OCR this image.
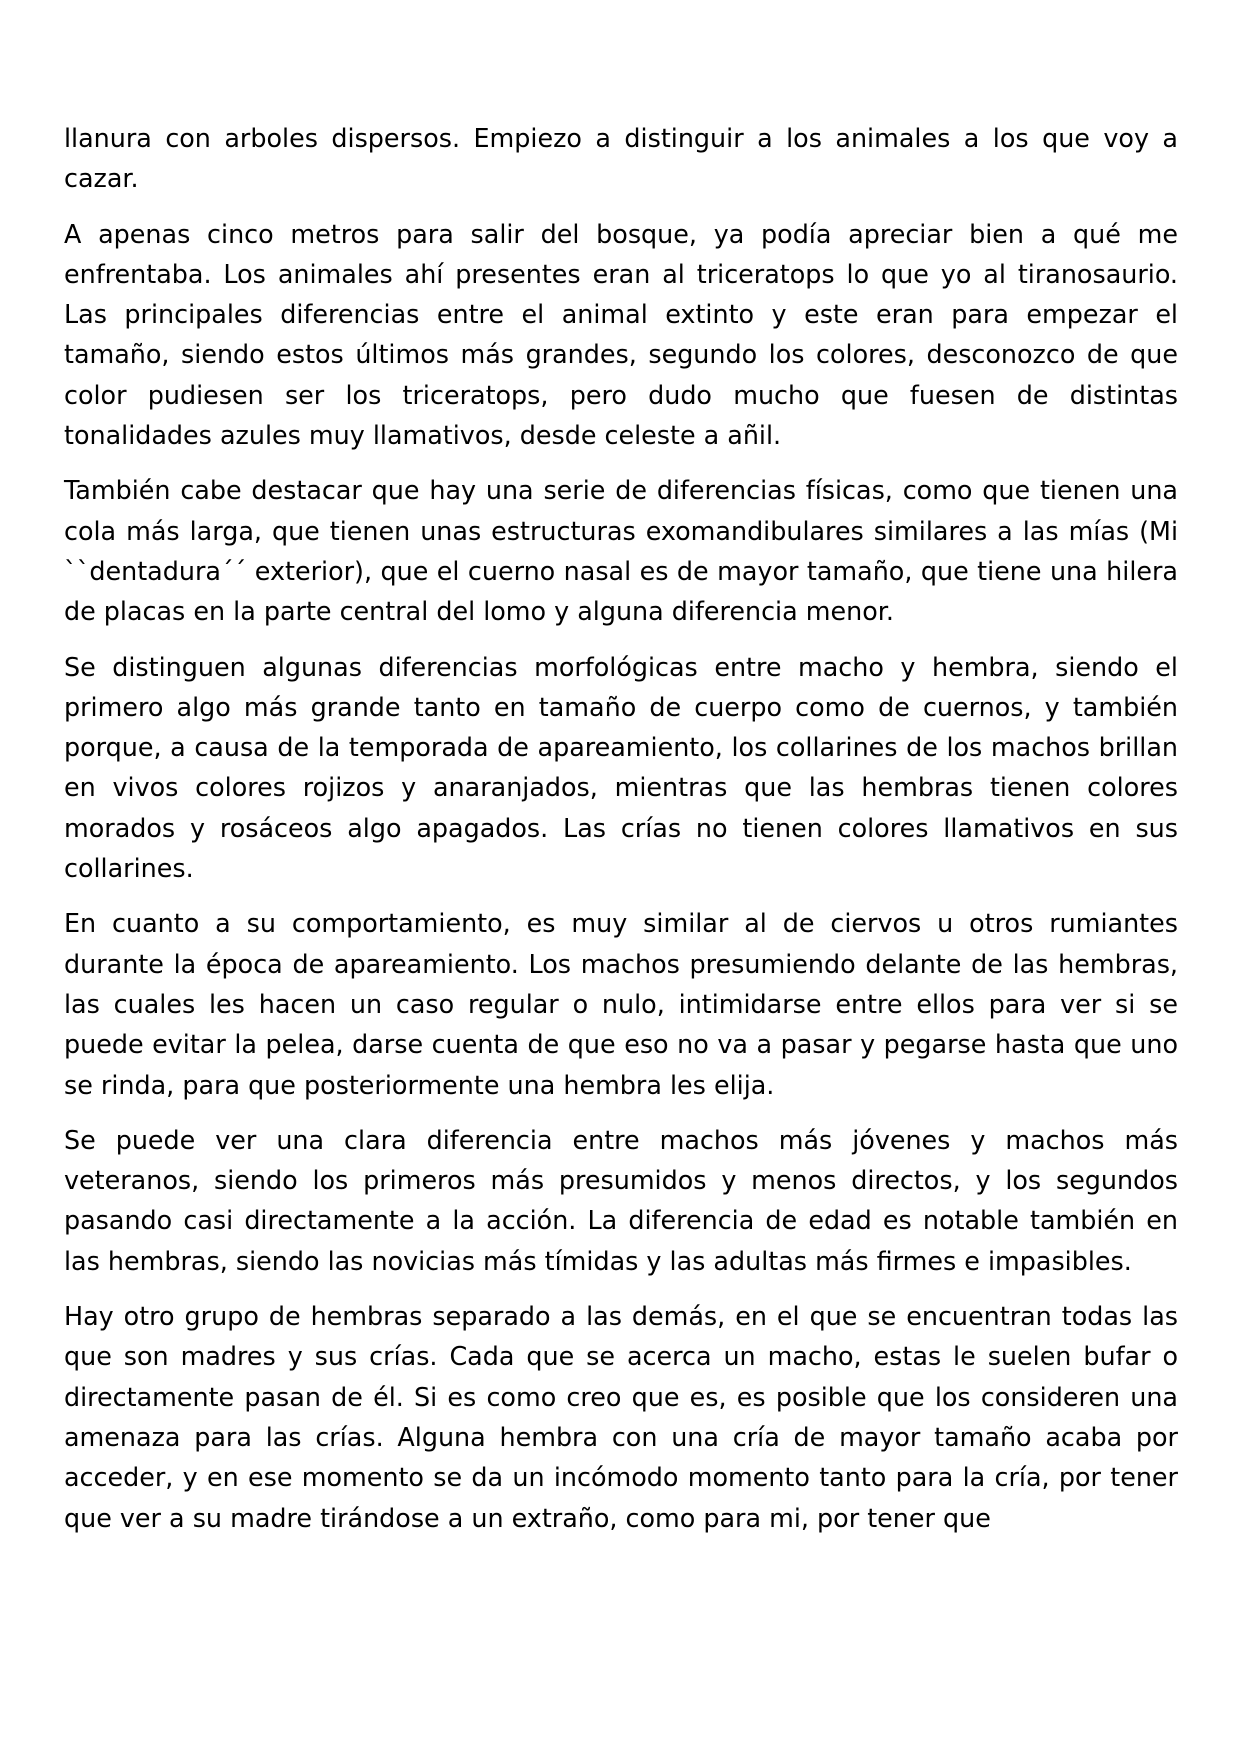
llanura con arboles dispersos. Empiezo a distinguir a los animales a los que voy a cazar.

A apenas cinco metros para salir del bosque, ya podía apreciar bien a qué me enfrentaba. Los animales ahí presentes eran al triceratops lo que yo al tiranosaurio. Las principales diferencias entre el animal extinto y este eran para empezar el tamaño, siendo estos últimos más grandes, segundo los colores, desconozco de que color pudiesen ser los triceratops, pero dudo mucho que fuesen de distintas tonalidades azules muy llamativos, desde celeste a añil.

También cabe destacar que hay una serie de diferencias físicas, como que tienen una cola más larga, que tienen unas estructuras exomandibulares similares a las mías (Mi ``dentadura´´ exterior), que el cuerno nasal es de mayor tamaño, que tiene una hilera de placas en la parte central del lomo y alguna diferencia menor.

Se distinguen algunas diferencias morfológicas entre macho y hembra, siendo el primero algo más grande tanto en tamaño de cuerpo como de cuernos, y también porque, a causa de la temporada de apareamiento, los collarines de los machos brillan en vivos colores rojizos y anaranjados, mientras que las hembras tienen colores morados y rosáceos algo apagados. Las crías no tienen colores llamativos en sus collarines.

En cuanto a su comportamiento, es muy similar al de ciervos u otros rumiantes durante la época de apareamiento. Los machos presumiendo delante de las hembras, las cuales les hacen un caso regular o nulo, intimidarse entre ellos para ver si se puede evitar la pelea, darse cuenta de que eso no va a pasar y pegarse hasta que uno se rinda, para que posteriormente una hembra les elija.

Se puede ver una clara diferencia entre machos más jóvenes y machos más veteranos, siendo los primeros más presumidos y menos directos, y los segundos pasando casi directamente a la acción. La diferencia de edad es notable también en las hembras, siendo las novicias más tímidas y las adultas más firmes e impasibles.

Hay otro grupo de hembras separado a las demás, en el que se encuentran todas las que son madres y sus crías. Cada que se acerca un macho, estas le suelen bufar o directamente pasan de él. Si es como creo que es, es posible que los consideren una amenaza para las crías. Alguna hembra con una cría de mayor tamaño acaba por acceder, y en ese momento se da un incómodo momento tanto para la cría, por tener que ver a su madre tirándose a un extraño, como para mi, por tener que
